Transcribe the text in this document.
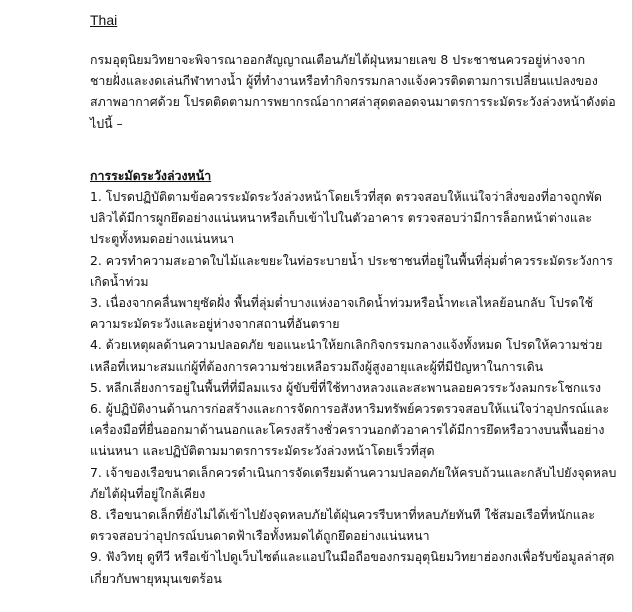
Thai

กรมอุตุนิยมวิทยาจะพิจารณาออกสัญญาณเตือนภัยไต้ฝุ่นหมายเลข 8 ประชาชนควรอยู่ห่างจากชายฝั่งและงดเล่นกีฬาทางน้ำ ผู้ที่ทำงานหรือทำกิจกรรมกลางแจ้งควรติดตามการเปลี่ยนแปลงของสภาพอากาศด้วย โปรดติดตามการพยากรณ์อากาศล่าสุดตลอดจนมาตรการระมัดระวังล่วงหน้าดังต่อไปนี้ –

การระมัดระวังล่วงหน้า

1. โปรดปฏิบัติตามข้อควรระมัดระวังล่วงหน้าโดยเร็วที่สุด ตรวจสอบให้แน่ใจว่าสิ่งของที่อาจถูกพัดปลิวได้มีการผูกยึดอย่างแน่นหนาหรือเก็บเข้าไปในตัวอาคาร ตรวจสอบว่ามีการล็อกหน้าต่างและประตูทั้งหมดอย่างแน่นหนา

2. ควรทำความสะอาดใบไม้และขยะในท่อระบายน้ำ ประชาชนที่อยู่ในพื้นที่ลุ่มต่ำควรระมัดระวังการเกิดน้ำท่วม

3. เนื่องจากคลื่นพายุซัดฝั่ง พื้นที่ลุ่มต่ำบางแห่งอาจเกิดน้ำท่วมหรือน้ำทะเลไหลย้อนกลับ โปรดใช้ความระมัดระวังและอยู่ห่างจากสถานที่อันตราย

4. ด้วยเหตุผลด้านความปลอดภัย ขอแนะนำให้ยกเลิกกิจกรรมกลางแจ้งทั้งหมด โปรดให้ความช่วยเหลือที่เหมาะสมแก่ผู้ที่ต้องการความช่วยเหลือรวมถึงผู้สูงอายุและผู้ที่มีปัญหาในการเดิน

5. หลีกเลี่ยงการอยู่ในพื้นที่ที่มีลมแรง ผู้ขับขี่ที่ใช้ทางหลวงและสะพานลอยควรระวังลมกระโชกแรง

6. ผู้ปฏิบัติงานด้านการก่อสร้างและการจัดการอสังหาริมทรัพย์ควรตรวจสอบให้แน่ใจว่าอุปกรณ์และเครื่องมือที่ยื่นออกมาด้านนอกและโครงสร้างชั่วคราวนอกตัวอาคารได้มีการยึดหรือวางบนพื้นอย่างแน่นหนา และปฏิบัติตามมาตรการระมัดระวังล่วงหน้าโดยเร็วที่สุด

7. เจ้าของเรือขนาดเล็กควรดำเนินการจัดเตรียมด้านความปลอดภัยให้ครบถ้วนและกลับไปยังจุดหลบภัยไต้ฝุ่นที่อยู่ใกล้เคียง

8. เรือขนาดเล็กที่ยังไม่ได้เข้าไปยังจุดหลบภัยไต้ฝุ่นควรรีบหาที่หลบภัยทันที ใช้สมอเรือที่หนักและตรวจสอบว่าอุปกรณ์บนดาดฟ้าเรือทั้งหมดได้ถูกยึดอย่างแน่นหนา

9. ฟังวิทยุ ดูทีวี หรือเข้าไปดูเว็บไซต์และแอปในมือถือของกรมอุตุนิยมวิทยาฮ่องกงเพื่อรับข้อมูลล่าสุดเกี่ยวกับพายุหมุนเขตร้อน
